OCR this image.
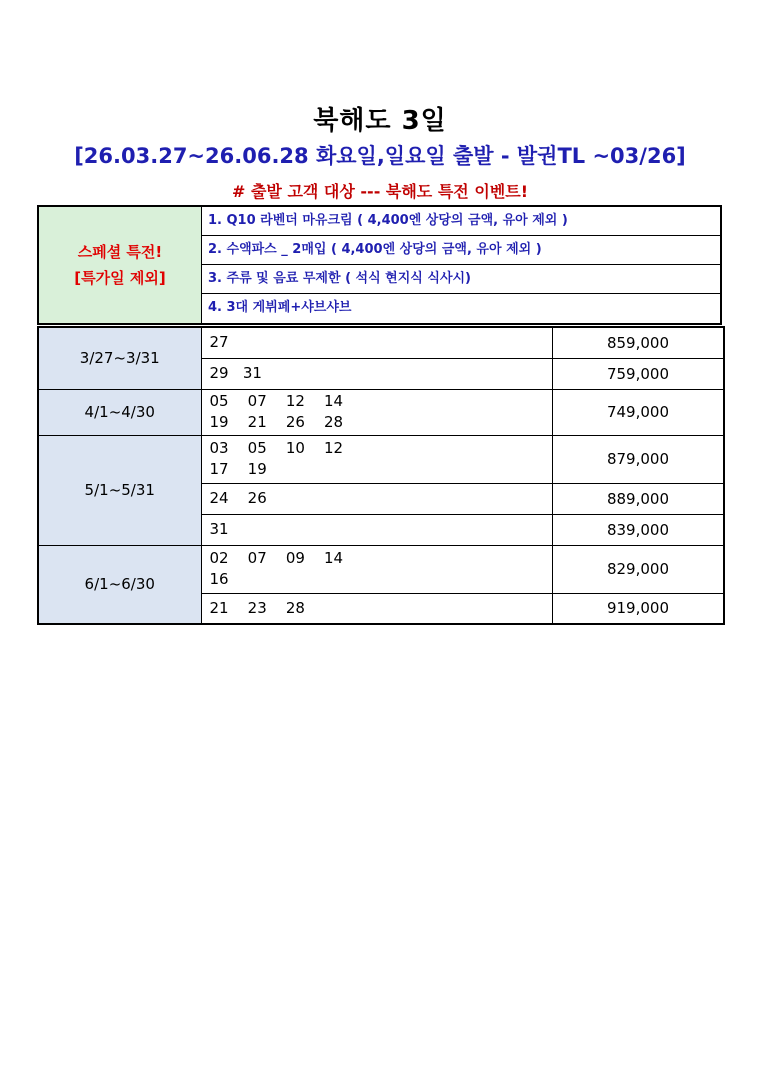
북해도 3일
[26.03.27~26.06.28 화요일,일요일 출발 - 발권TL ~03/26]
# 출발 고객 대상 --- 북해도 특전 이벤트!
스페셜 특전!
[특가일 제외]
1. Q10 라벤더 마유크림 ( 4,400엔 상당의 금액, 유아 제외 )
2. 수액파스 _ 2매입 ( 4,400엔 상당의 금액, 유아 제외 )
3. 주류 및 음료 무제한 ( 석식 현지식 식사시)
4. 3대 게뷔페+샤브샤브
3/27~3/31	27	859,000

	29   31	759,000
4/1~4/30	05    07    12    14
19    21    26    28	749,000
5/1~5/31	03    05    10    12
17    19	879,000

	24    26	889,000

	31	839,000
6/1~6/30	02    07    09    14
16	829,000

	21    23    28	919,000
